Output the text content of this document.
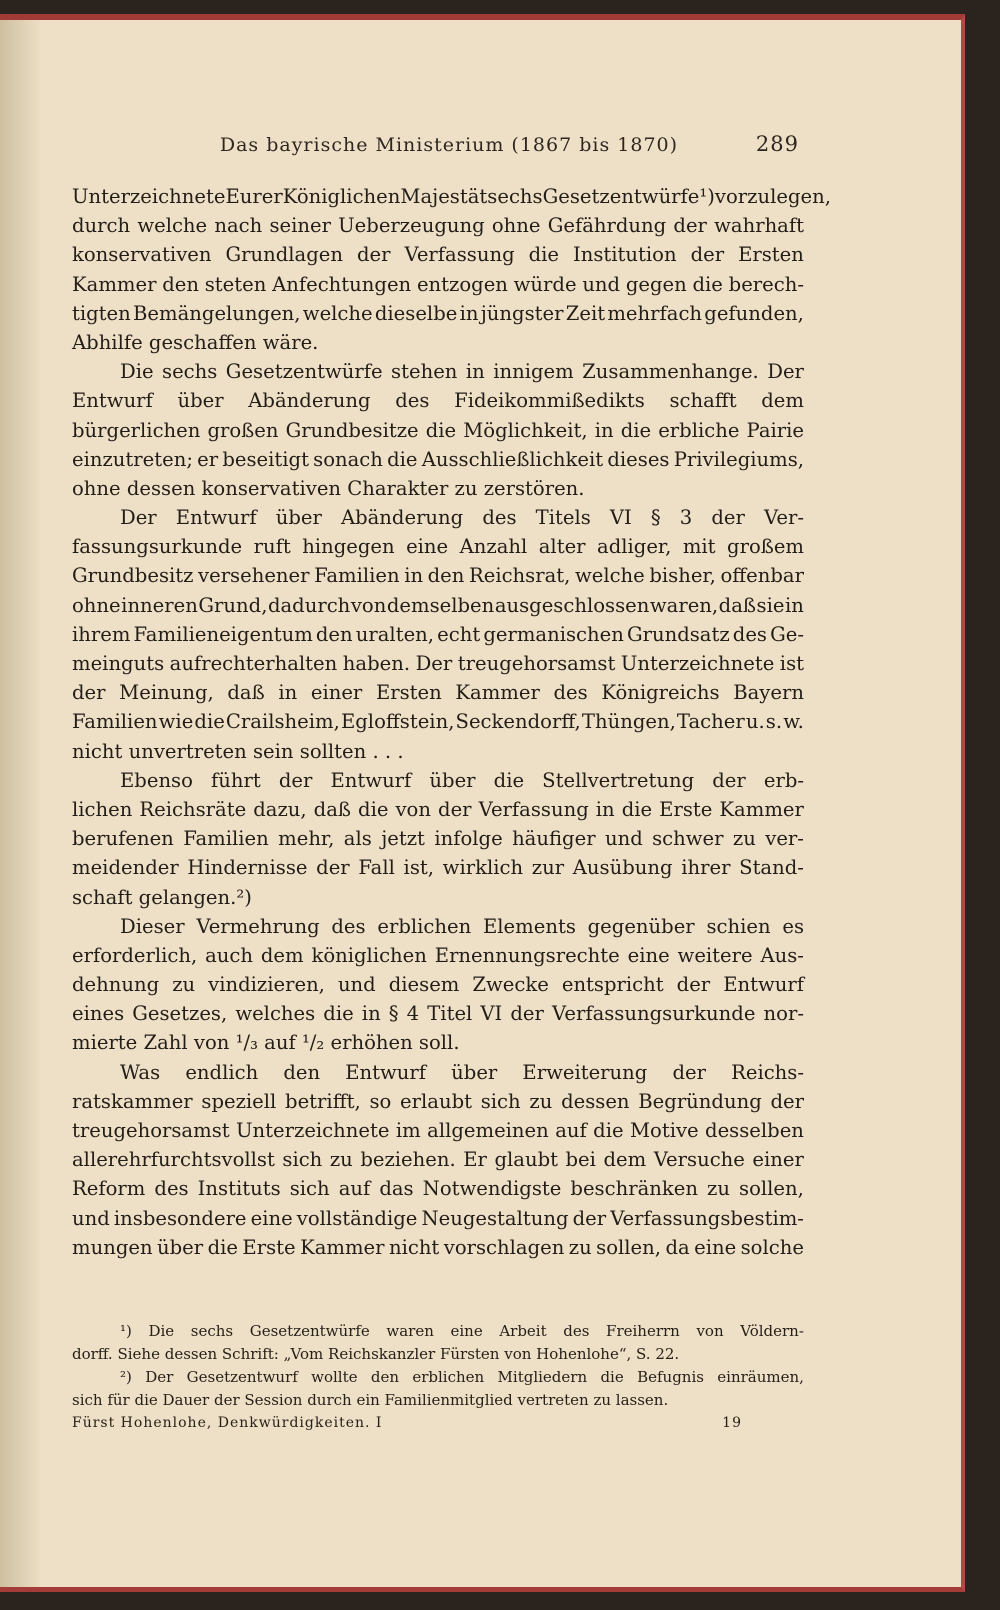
Das bayrische Ministerium (1867 bis 1870)	289
Unterzeichnete Eurer Königlichen Majestät sechs Gesetzentwürfe¹) vorzulegen,
durch welche nach seiner Ueberzeugung ohne Gefährdung der wahrhaft
konservativen Grundlagen der Verfassung die Institution der Ersten
Kammer den steten Anfechtungen entzogen würde und gegen die berech-
tigten Bemängelungen, welche dieselbe in jüngster Zeit mehrfach gefunden,
Abhilfe geschaffen wäre.
Die sechs Gesetzentwürfe stehen in innigem Zusammenhange. Der
Entwurf über Abänderung des Fideikommißedikts schafft dem
bürgerlichen großen Grundbesitze die Möglichkeit, in die erbliche Pairie
einzutreten; er beseitigt sonach die Ausschließlichkeit dieses Privilegiums,
ohne dessen konservativen Charakter zu zerstören.
Der Entwurf über Abänderung des Titels VI § 3 der Ver-
fassungsurkunde ruft hingegen eine Anzahl alter adliger, mit großem
Grundbesitz versehener Familien in den Reichsrat, welche bisher, offenbar
ohne inneren Grund, dadurch von demselben ausgeschlossen waren, daß sie in
ihrem Familieneigentum den uralten, echt germanischen Grundsatz des Ge-
meinguts aufrechterhalten haben. Der treugehorsamst Unterzeichnete ist
der Meinung, daß in einer Ersten Kammer des Königreichs Bayern
Familien wie die Crailsheim, Egloffstein, Seckendorff, Thüngen, Tacher u. s. w.
nicht unvertreten sein sollten . . .
Ebenso führt der Entwurf über die Stellvertretung der erb-
lichen Reichsräte dazu, daß die von der Verfassung in die Erste Kammer
berufenen Familien mehr, als jetzt infolge häufiger und schwer zu ver-
meidender Hindernisse der Fall ist, wirklich zur Ausübung ihrer Stand-
schaft gelangen.²)
Dieser Vermehrung des erblichen Elements gegenüber schien es
erforderlich, auch dem königlichen Ernennungsrechte eine weitere Aus-
dehnung zu vindizieren, und diesem Zwecke entspricht der Entwurf
eines Gesetzes, welches die in § 4 Titel VI der Verfassungsurkunde nor-
mierte Zahl von ¹/₃ auf ¹/₂ erhöhen soll.
Was endlich den Entwurf über Erweiterung der Reichs-
ratskammer speziell betrifft, so erlaubt sich zu dessen Begründung der
treugehorsamst Unterzeichnete im allgemeinen auf die Motive desselben
allerehrfurchtsvollst sich zu beziehen. Er glaubt bei dem Versuche einer
Reform des Instituts sich auf das Notwendigste beschränken zu sollen,
und insbesondere eine vollständige Neugestaltung der Verfassungsbestim-
mungen über die Erste Kammer nicht vorschlagen zu sollen, da eine solche
¹) Die sechs Gesetzentwürfe waren eine Arbeit des Freiherrn von Völdern-
dorff. Siehe dessen Schrift: „Vom Reichskanzler Fürsten von Hohenlohe“, S. 22.
²) Der Gesetzentwurf wollte den erblichen Mitgliedern die Befugnis einräumen,
sich für die Dauer der Session durch ein Familienmitglied vertreten zu lassen.
Fürst Hohenlohe, Denkwürdigkeiten. I	19
